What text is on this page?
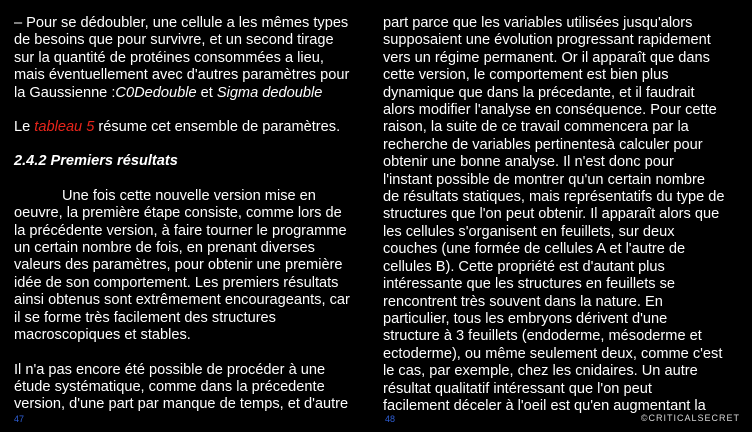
– Pour se dédoubler, une cellule a les mêmes types
de besoins que pour survivre, et un second tirage
sur la quantité de protéines consommées a lieu,
mais éventuellement avec d'autres paramètres pour
la Gaussienne :C0Dedouble et Sigma dedouble
Le tableau 5 résume cet ensemble de paramètres.
2.4.2 Premiers résultats
Une fois cette nouvelle version mise en
oeuvre, la première étape consiste, comme lors de
la précédente version, à faire tourner le programme
un certain nombre de fois, en prenant diverses
valeurs des paramètres, pour obtenir une première
idée de son comportement. Les premiers résultats
ainsi obtenus sont extrêmement encourageants, car
il se forme très facilement des structures
macroscopiques et stables.
Il n'a pas encore été possible de procéder à une
étude systématique, comme dans la précedente
version, d'une part par manque de temps, et d'autre
part parce que les variables utilisées jusqu'alors
supposaient une évolution progressant rapidement
vers un régime permanent. Or il apparaît que dans
cette version, le comportement est bien plus
dynamique que dans la précedante, et il faudrait
alors modifier l'analyse en conséquence. Pour cette
raison, la suite de ce travail commencera par la
recherche de variables pertinentesà calculer pour
obtenir une bonne analyse. Il n'est donc pour
l'instant possible de montrer qu'un certain nombre
de résultats statiques, mais représentatifs du type de
structures que l'on peut obtenir. Il apparaît alors que
les cellules s'organisent en feuillets, sur deux
couches (une formée de cellules A et l'autre de
cellules B). Cette propriété est d'autant plus
intéressante que les structures en feuillets se
rencontrent très souvent dans la nature. En
particulier, tous les embryons dérivent d'une
structure à 3 feuillets (endoderme, mésoderme et
ectoderme), ou même seulement deux, comme c'est
le cas, par exemple, chez les cnidaires. Un autre
résultat qualitatif intéressant que l'on peut
facilement déceler à l'oeil est qu'en augmentant la
47	48	©CRITICALSECRET
